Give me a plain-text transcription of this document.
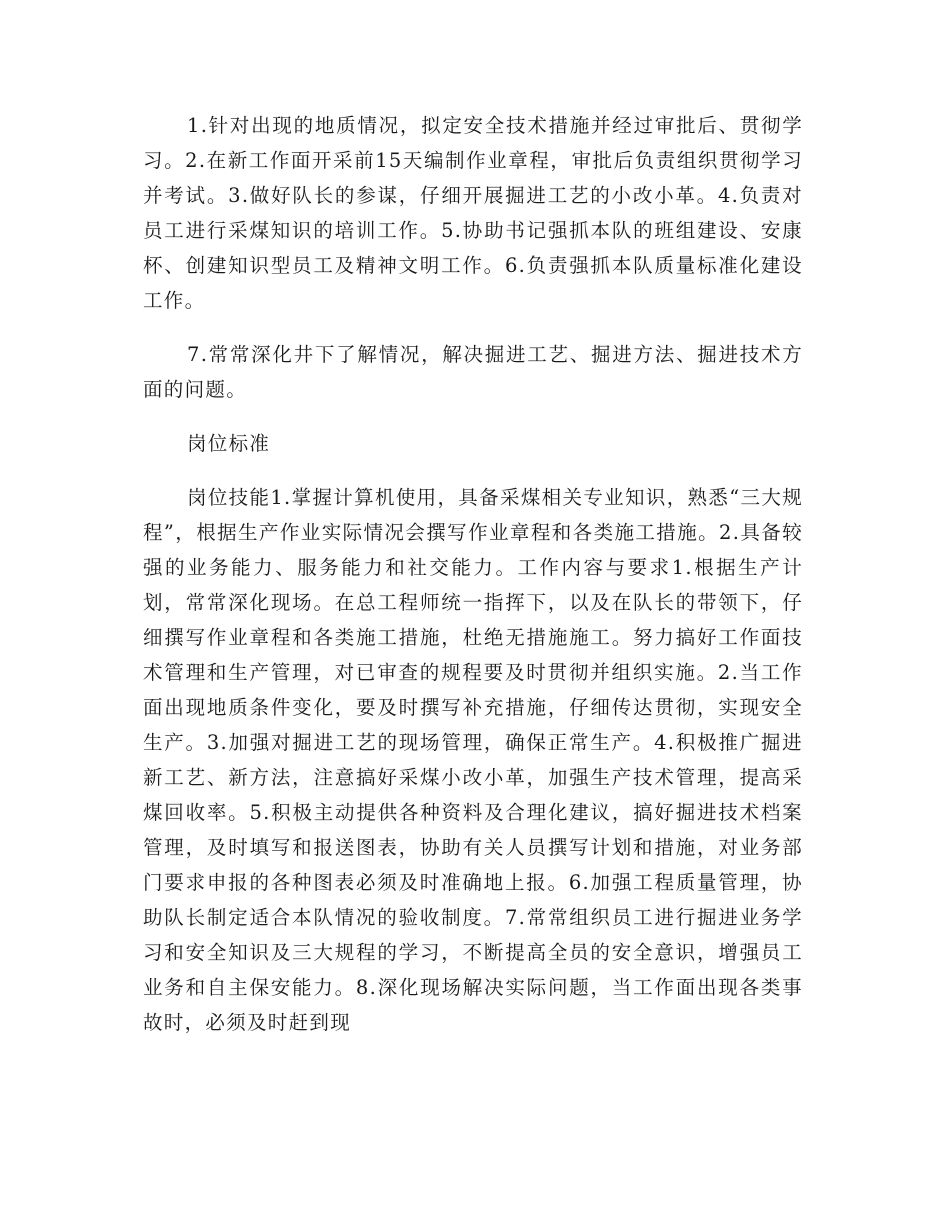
1.针对出现的地质情况，拟定安全技术措施并经过审批后、贯彻学习。2.在新工作面开采前15天编制作业章程，审批后负责组织贯彻学习并考试。3.做好队长的参谋，仔细开展掘进工艺的小改小革。4.负责对员工进行采煤知识的培训工作。5.协助书记强抓本队的班组建设、安康杯、创建知识型员工及精神文明工作。6.负责强抓本队质量标准化建设工作。

7.常常深化井下了解情况，解决掘进工艺、掘进方法、掘进技术方面的问题。

岗位标准

岗位技能1.掌握计算机使用，具备采煤相关专业知识，熟悉“三大规程”，根据生产作业实际情况会撰写作业章程和各类施工措施。2.具备较强的业务能力、服务能力和社交能力。工作内容与要求1.根据生产计划，常常深化现场。在总工程师统一指挥下，以及在队长的带领下，仔细撰写作业章程和各类施工措施，杜绝无措施施工。努力搞好工作面技术管理和生产管理，对已审查的规程要及时贯彻并组织实施。2.当工作面出现地质条件变化，要及时撰写补充措施，仔细传达贯彻，实现安全生产。3.加强对掘进工艺的现场管理，确保正常生产。4.积极推广掘进新工艺、新方法，注意搞好采煤小改小革，加强生产技术管理，提高采煤回收率。5.积极主动提供各种资料及合理化建议，搞好掘进技术档案管理，及时填写和报送图表，协助有关人员撰写计划和措施，对业务部门要求申报的各种图表必须及时准确地上报。6.加强工程质量管理，协助队长制定适合本队情况的验收制度。7.常常组织员工进行掘进业务学习和安全知识及三大规程的学习，不断提高全员的安全意识，增强员工业务和自主保安能力。8.深化现场解决实际问题，当工作面出现各类事故时，必须及时赶到现
